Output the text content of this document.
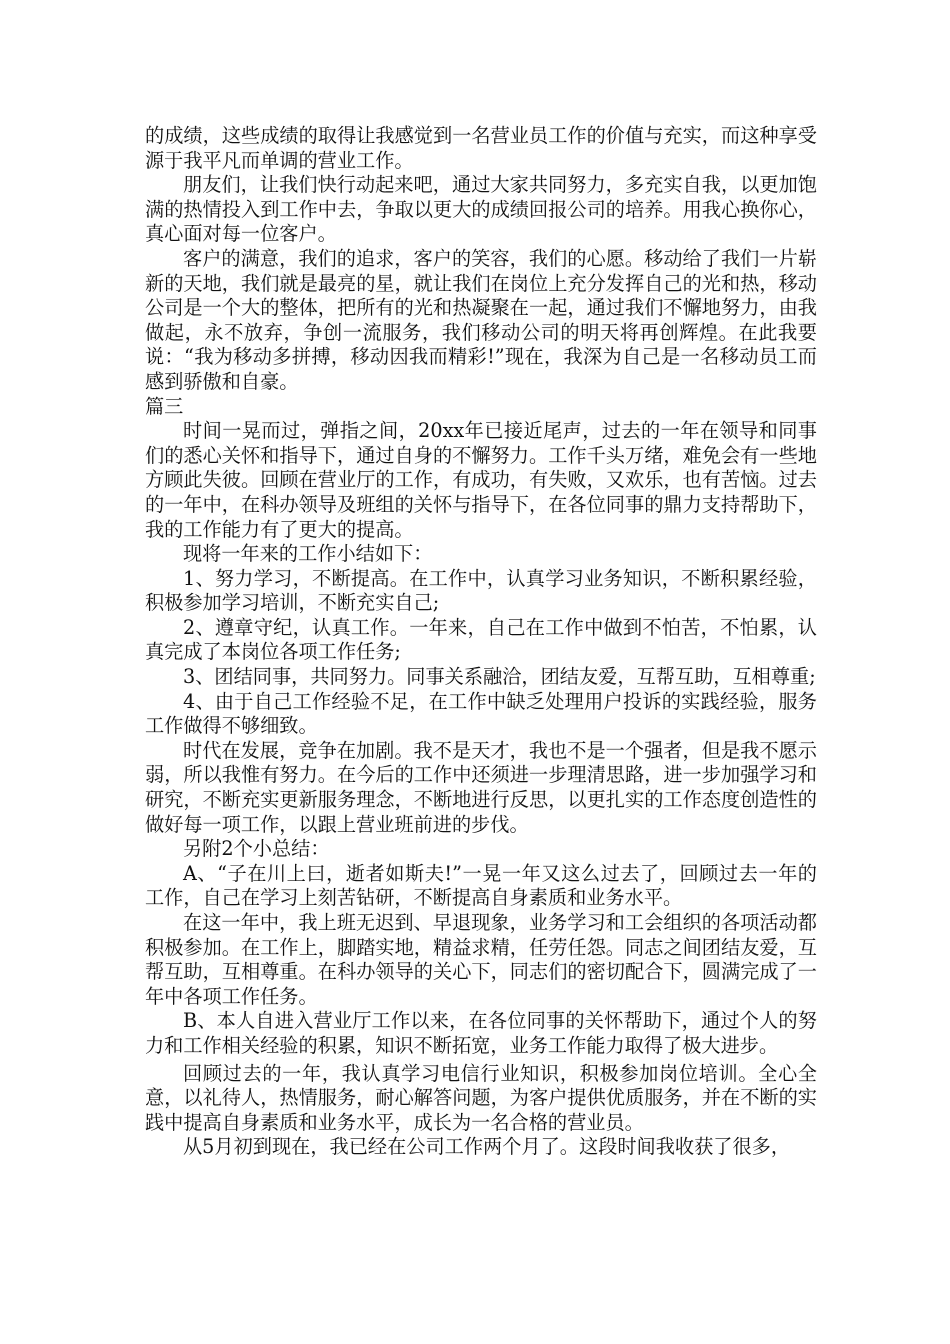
的成绩，这些成绩的取得让我感觉到一名营业员工作的价值与充实，而这种享受源于我平凡而单调的营业工作。

朋友们，让我们快行动起来吧，通过大家共同努力，多充实自我，以更加饱满的热情投入到工作中去，争取以更大的成绩回报公司的培养。用我心换你心，真心面对每一位客户。

客户的满意，我们的追求，客户的笑容，我们的心愿。移动给了我们一片崭新的天地，我们就是最亮的星，就让我们在岗位上充分发挥自己的光和热，移动公司是一个大的整体，把所有的光和热凝聚在一起，通过我们不懈地努力，由我做起，永不放弃，争创一流服务，我们移动公司的明天将再创辉煌。在此我要说：“我为移动多拼搏，移动因我而精彩!”现在，我深为自己是一名移动员工而感到骄傲和自豪。

篇三

时间一晃而过，弹指之间，20xx年已接近尾声，过去的一年在领导和同事们的悉心关怀和指导下，通过自身的不懈努力。工作千头万绪，难免会有一些地方顾此失彼。回顾在营业厅的工作，有成功，有失败，又欢乐，也有苦恼。过去的一年中，在科办领导及班组的关怀与指导下，在各位同事的鼎力支持帮助下，我的工作能力有了更大的提高。

现将一年来的工作小结如下：

1、努力学习，不断提高。在工作中，认真学习业务知识，不断积累经验，积极参加学习培训，不断充实自己;

2、遵章守纪，认真工作。一年来，自己在工作中做到不怕苦，不怕累，认真完成了本岗位各项工作任务;

3、团结同事，共同努力。同事关系融洽，团结友爱，互帮互助，互相尊重;

4、由于自己工作经验不足，在工作中缺乏处理用户投诉的实践经验，服务工作做得不够细致。

时代在发展，竞争在加剧。我不是天才，我也不是一个强者，但是我不愿示弱，所以我惟有努力。在今后的工作中还须进一步理清思路，进一步加强学习和研究，不断充实更新服务理念，不断地进行反思，以更扎实的工作态度创造性的做好每一项工作，以跟上营业班前进的步伐。

另附2个小总结：

A、“子在川上曰，逝者如斯夫!”一晃一年又这么过去了，回顾过去一年的工作，自己在学习上刻苦钻研，不断提高自身素质和业务水平。

在这一年中，我上班无迟到、早退现象，业务学习和工会组织的各项活动都积极参加。在工作上，脚踏实地，精益求精，任劳任怨。同志之间团结友爱，互帮互助，互相尊重。在科办领导的关心下，同志们的密切配合下，圆满完成了一年中各项工作任务。

B、本人自进入营业厅工作以来，在各位同事的关怀帮助下，通过个人的努力和工作相关经验的积累，知识不断拓宽，业务工作能力取得了极大进步。

回顾过去的一年，我认真学习电信行业知识，积极参加岗位培训。全心全意，以礼待人，热情服务，耐心解答问题，为客户提供优质服务，并在不断的实践中提高自身素质和业务水平，成长为一名合格的营业员。

从5月初到现在，我已经在公司工作两个月了。这段时间我收获了很多，
